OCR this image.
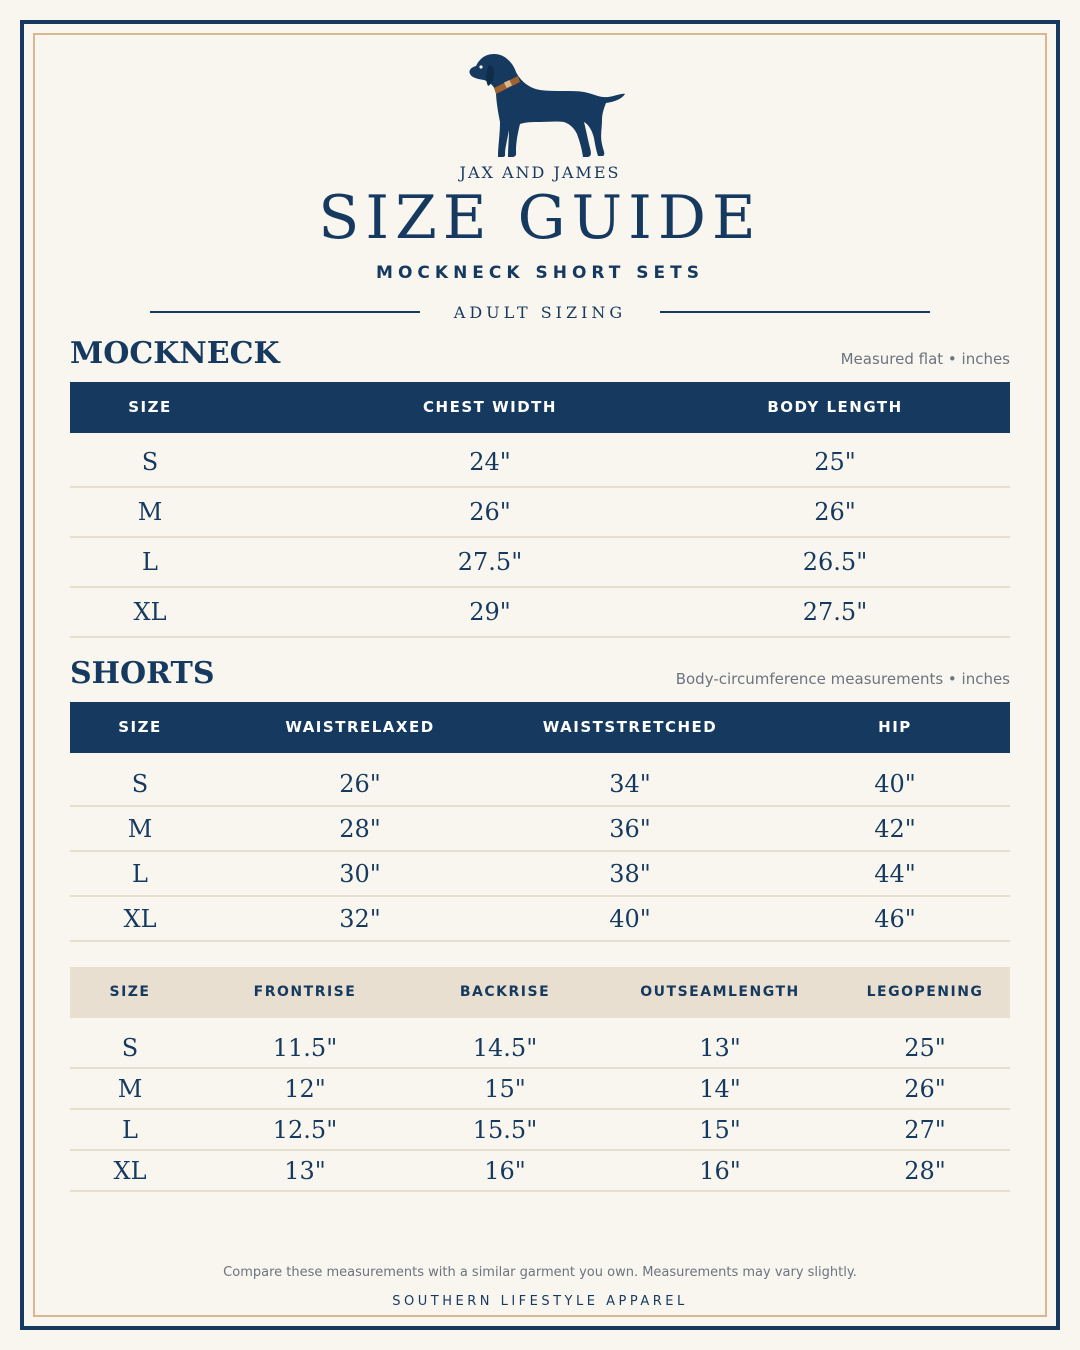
JAX AND JAMES
SIZE GUIDE
MOCKNECK SHORT SETS
ADULT SIZING
MOCKNECK	Measured flat • inches
SIZE	CHEST WIDTH	BODY LENGTH
S	24"	25"
M	26"	26"
L	27.5"	26.5"
XL	29"	27.5"
SHORTS	Body-circumference measurements • inches
SIZE	WAIST RELAXED	WAIST STRETCHED	HIP
S	26"	34"	40"
M	28"	36"	42"
L	30"	38"	44"
XL	32"	40"	46"
SIZE	FRONT RISE	BACK RISE	OUTSEAM LENGTH	LEG OPENING
S	11.5"	14.5"	13"	25"
M	12"	15"	14"	26"
L	12.5"	15.5"	15"	27"
XL	13"	16"	16"	28"
Compare these measurements with a similar garment you own. Measurements may vary slightly.
SOUTHERN LIFESTYLE APPAREL
